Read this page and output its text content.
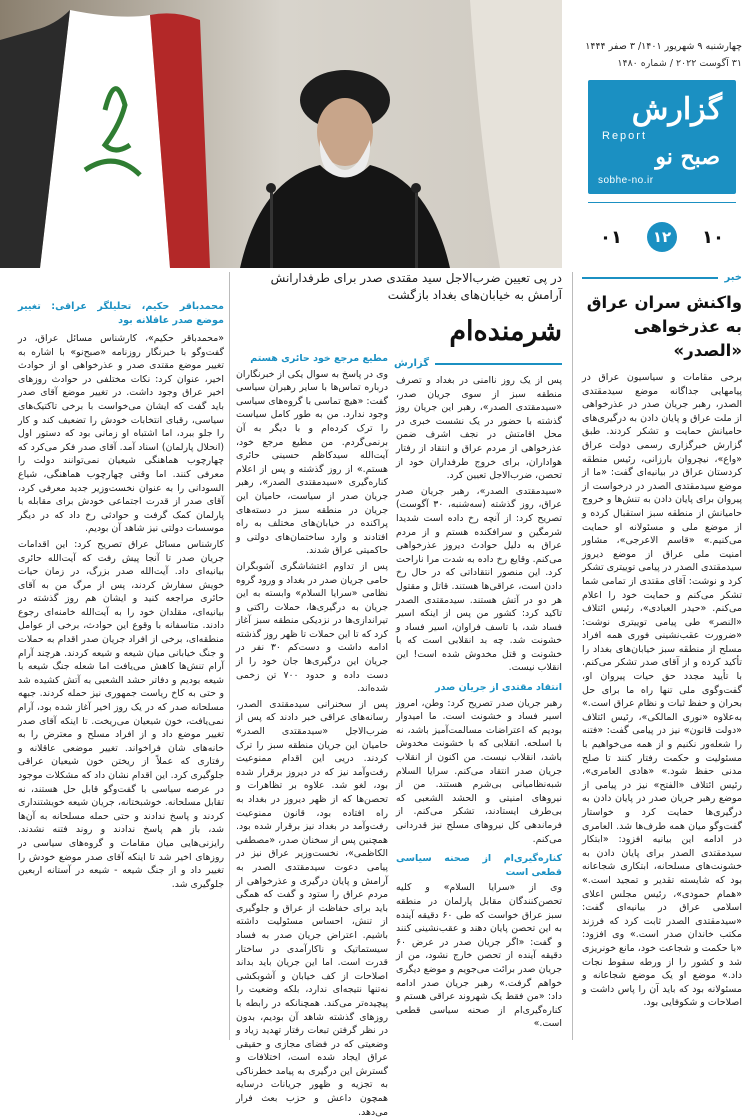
چهارشنبه ۹ شهریور ۱۴۰۱/ ۳ صفر ۱۴۴۴
۳۱ آگوست ۲۰۲۲ / شماره ۱۴۸۰
گزارش
Report
صبح نو
sobhe-no.ir
۱۰
۱۲
۰۱
خبر
واکنش سران عراق به عذرخواهی «الصدر»
برخی مقامات و سیاسیون عراق در پیامهایی جداگانه موضع سیدمقتدی الصدر، رهبر جریان صدر در عذرخواهی از ملت عراق و پایان دادن به درگیری‌های حامیانش حمایت و تشکر کردند. طبق گزارش خبرگزاری رسمی دولت عراق «واع»، نیچروان بارزانی، رئیس منطقه کردستان عراق در بیانیه‌ای گفت: «ما از موضع سیدمقتدی الصدر در درخواست از پیروان برای پایان دادن به تنش‌ها و خروج حامیانش از منطقه سبز استقبال کرده و از موضع ملی و مسئولانه او حمایت می‌کنیم.» «قاسم الاعرجی»، مشاور امنیت ملی عراق از موضع دیروز سیدمقتدی الصدر در پیامی توییتری تشکر کرد و نوشت: آقای مقتدی از تمامی شما تشکر می‌کنم و حمایت خود را اعلام می‌کنم. «حیدر العبادی»، رئیس ائتلاف «النصر» طی پیامی توییتری نوشت: «ضرورت عقب‌نشینی فوری همه افراد مسلح از منطقه سبز خیابان‌های بغداد را تأکید کرده و از آقای صدر تشکر می‌کنم. با تأیید مجدد حق حیات پیروان او، گفت‌وگوی ملی تنها راه ما برای حل بحران و حفظ ثبات و نظام عراق است.» به‌علاوه «نوری المالکی»، رئیس ائتلاف «دولت قانون» نیز در پیامی گفت: «فتنه را شعله‌ور نکنیم و از همه می‌خواهیم با مسئولیت و حکمت رفتار کنند تا صلح مدنی حفظ شود.» «هادی العامری»، رئیس ائتلاف «الفتح» نیز در پیامی از موضع رهبر جریان صدر در پایان دادن به درگیری‌ها حمایت کرد و خواستار گفت‌وگو میان همه طرف‌ها شد. العامری در ادامه این بیانیه افزود: «ابتکار سیدمقتدی الصدر برای پایان دادن به خشونت‌های مسلحانه، ابتکاری شجاعانه بود که شایسته تقدیر و تمجید است.» «همام حمودی»، رئیس مجلس اعلای اسلامی عراق در بیانیه‌ای گفت: «سیدمقتدی الصدر ثابت کرد که فرزند مکتب خاندان صدر است.» وی افزود: «با حکمت و شجاعت خود، مانع خونریزی شد و کشور را از ورطه سقوط نجات داد.» موضع او یک موضع شجاعانه و مسئولانه بود که باید آن را پاس داشت و اصلاحات و شکوفایی بود.
در پی تعیین ضرب‌الاجل سید مقتدی صدر برای طرفدارانش آرامش به خیابان‌های بغداد بازگشت
شرمنده‌ام
گزارش

پس از یک روز ناامنی در بغداد و تصرف منطقه سبز از سوی جریان صدر، «سیدمقتدی الصدر»، رهبر این جریان روز گذشته با حضور در یک نشست خبری در محل اقامتش در نجف اشرف ضمن عذرخواهی از مردم عراق و انتقاد از رفتار هواداران، برای خروج طرفداران خود از تحصن، ضرب‌الاجل تعیین کرد.

«سیدمقتدی الصدر»، رهبر جریان صدر عراق، روز گذشته (سه‌شنبه، ۳۰ آگوست) تصریح کرد: از آنچه رخ داده است شدیدا شرمگین و سرافکنده هستم و از مردم عراق به دلیل حوادث دیروز عذرخواهی می‌کنم. وقایع رخ داده به شدت مرا ناراحت کرد. این منصور انتقاداتی که در حال رخ دادن است، عراقی‌ها هستند. قاتل و مقتول هر دو در آتش هستند. سیدمقتدی الصدر تاکید کرد: کشور من پس از اینکه اسیر فساد شد، با تاسف فراوان، اسیر فساد و خشونت شد. چه بد انقلابی است که با خشونت و قتل مخدوش شده است! این انقلاب نیست.

انتقاد مقتدی از جریان صدر

رهبر جریان صدر تصریح کرد: وطن، امروز اسیر فساد و خشونت است. ما امیدوار بودیم که اعتراضات مسالمت‌آمیز باشد، نه با اسلحه. انقلابی که با خشونت مخدوش باشد، انقلاب نیست. من اکنون از انقلاب جریان صدر انتقاد می‌کنم. سرایا السلام شبه‌نظامیانی بی‌شرم هستند. من از نیروهای امنیتی و الحشد الشعبی که بی‌طرف ایستادند، تشکر می‌کنم. از فرماندهی کل نیروهای مسلح نیز قدردانی می‌کنم.

کناره‌گیری‌ام از صحنه سیاسی قطعی است

وی از «سرایا السلام» و کلیه تحصن‌کنندگان مقابل پارلمان در منطقه سبز عراق خواست که طی ۶۰ دقیقه آینده به این تحصن پایان دهند و عقب‌نشینی کنند و گفت: «اگر جریان صدر در عرض ۶۰ دقیقه آینده از تحصن خارج نشود، من از جریان صدر برائت می‌جویم و موضع دیگری خواهم گرفت.» رهبر جریان صدر ادامه داد: «من فقط یک شهروند عراقی هستم و کناره‌گیری‌ام از صحنه سیاسی قطعی است.»

مطیع مرجع خود حائری هستم

وی در پاسخ به سوال یکی از خبرنگاران درباره تماس‌ها با سایر رهبران سیاسی گفت: «هیچ تماسی با گروه‌های سیاسی وجود ندارد. من به طور کامل سیاست را ترک کرده‌ام و با دیگر به آن برنمی‌گردم. من مطیع مرجع خود، آیت‌الله سیدکاظم حسینی حائری هستم.» از روز گذشته و پس از اعلام کناره‌گیری «سیدمقتدی الصدر»، رهبر جریان صدر از سیاست، حامیان این جریان در منطقه سبز در دسته‌های پراکنده در خیابان‌های مختلف به راه افتادند و وارد ساختمان‌های دولتی و حاکمیتی عراق شدند.

پس از تداوم اغتشاشگری آشوبگران حامی جریان صدر در بغداد و ورود گروه نظامی «سرایا السلام» وابسته به این جریان به درگیری‌ها، حملات راکتی و تیراندازی‌ها در نزدیکی منطقه سبز آغاز کرد که تا این حملات تا ظهر روز گذشته ادامه داشت و دست‌کم ۳۰ نفر در جریان این درگیری‌ها جان خود را از دست داده و حدود ۷۰۰ تن زخمی شده‌اند.

پس از سخنرانی سیدمقتدی الصدر، رسانه‌های عراقی خبر دادند که پس از ضرب‌الاجل «سیدمقتدی الصدر» حامیان این جریان منطقه سبز را ترک کردند. دریی این اقدام ممنوعیت رفت‌وآمد نیز که در دیروز برقرار شده بود، لغو شد. علاوه بر تظاهرات و تحصن‌ها که از ظهر دیروز در بغداد به راه افتاده بود، قانون ممنوعیت رفت‌وآمد در بغداد نیز برقرار شده بود. همچنین پس از سخنان صدر، «مصطفی الکاظمی»، نخست‌وزیر عراق نیز در پیامی دعوت سیدمقتدی الصدر به آرامش و پایان درگیری و عذرخواهی از مردم عراق را ستود و گفت که همگی باید برای حفاظت از عراق و جلوگیری از تنش، احساس مسئولیت داشته باشیم. اعتراض جریان صدر به فساد سیستماتیک و ناکارآمدی در ساختار قدرت است. اما این جریان باید بداند اصلاحات از کف خیابان و آشوبکشی نه‌تنها نتیجه‌ای ندارد، بلکه وضعیت را پیچیده‌تر می‌کند. همچنانکه در رابطه با روزهای گذشته شاهد آن بودیم، بدون در نظر گرفتن تبعات رفتار تهدید زیاد و وضعیتی که در فضای مجازی و حقیقی عراق ایجاد شده است، اختلافات و گسترش این درگیری به پیامد خطرناکی به تجزیه و ظهور جریانات درسایه همچون داعش و حزب بعث فرار می‌دهد.

محمدباقر حکیم، تحلیلگر عراقی: تغییر موضع صدر عاقلانه بود

«محمدباقر حکیم»، کارشناس مسائل عراق، در گفت‌وگو با خبرنگار روزنامه «صبح‌نو» با اشاره به تغییر موضع مقتدی صدر و عذرخواهی او از حوادث اخیر، عنوان کرد: نکات مختلفی در حوادث روزهای اخیر عراق وجود داشت. در تغییر موضع آقای صدر باید گفت که ایشان می‌خواست با برخی تاکتیک‌های سیاسی، رقبای انتخابات خودش را تضعیف کند و کار را جلو ببرد، اما اشتباه او زمانی بود که دستور اول (انحلال پارلمان) اسناد آمد. آقای صدر فکر می‌کرد که چهارچوب هماهنگی شیعیان نمی‌توانند دولت را معرفی کنند. اما وقتی چهارچوب هماهنگی، شیاع السودانی را به عنوان نخست‌وزیر جدید معرفی کرد، آقای صدر از قدرت اجتماعی خودش برای مقابله با پارلمان کمک گرفت و حوادثی رخ داد که در دیگر موسسات دولتی نیز شاهد آن بودیم.

کارشناس مسائل عراق تصریح کرد: این اقدامات جریان صدر تا آنجا پیش رفت که آیت‌الله حائری بیانیه‌ای داد. آیت‌الله صدر بزرگ، در زمان حیات خویش سفارش کردند، پس از مرگ من به آقای حائری مراجعه کنید و ایشان هم روز گذشته در بیانیه‌ای، مقلدان خود را به آیت‌الله خامنه‌ای رجوع دادند. متاسفانه با وقوع این حوادث، برخی از عوامل منطقه‌ای، برخی از افراد جریان صدر اقدام به حملات و جنگ خیابانی میان شیعه و شیعه کردند. هرچند آرام آرام تنش‌ها کاهش می‌یافت اما شعله جنگ شیعه با شیعه بودیم و دفاتر حشد الشعبی به آتش کشیده شد و حتی به کاخ ریاست جمهوری نیز حمله کردند. جبهه مسلحانه صدر که در یک روز اخیر آغاز شده بود، آرام نمی‌یافت، خون شیعیان می‌ریخت. تا اینکه آقای صدر تغییر موضع داد و از افراد مسلح و معترض را به خانه‌های شان فراخواند. تغییر موضعی عاقلانه و رفتاری که عملاً از ریختن خون شیعیان عراقی جلوگیری کرد. این اقدام نشان داد که مشکلات موجود در عرصه سیاسی با گفت‌وگو قابل حل هستند، نه تقابل مسلحانه. خوشبختانه، جریان شیعه خویشتنداری کردند و پاسخ ندادند و حتی حمله مسلحانه به آن‌ها شد، باز هم پاسخ ندادند و روند فتنه نشدند. رایزنی‌هایی میان مقامات و گروه‌های سیاسی در روزهای اخیر شد تا اینکه آقای صدر موضع خودش را تغییر داد و از جنگ شیعه - شیعه در آستانه اربعین جلوگیری شد.
